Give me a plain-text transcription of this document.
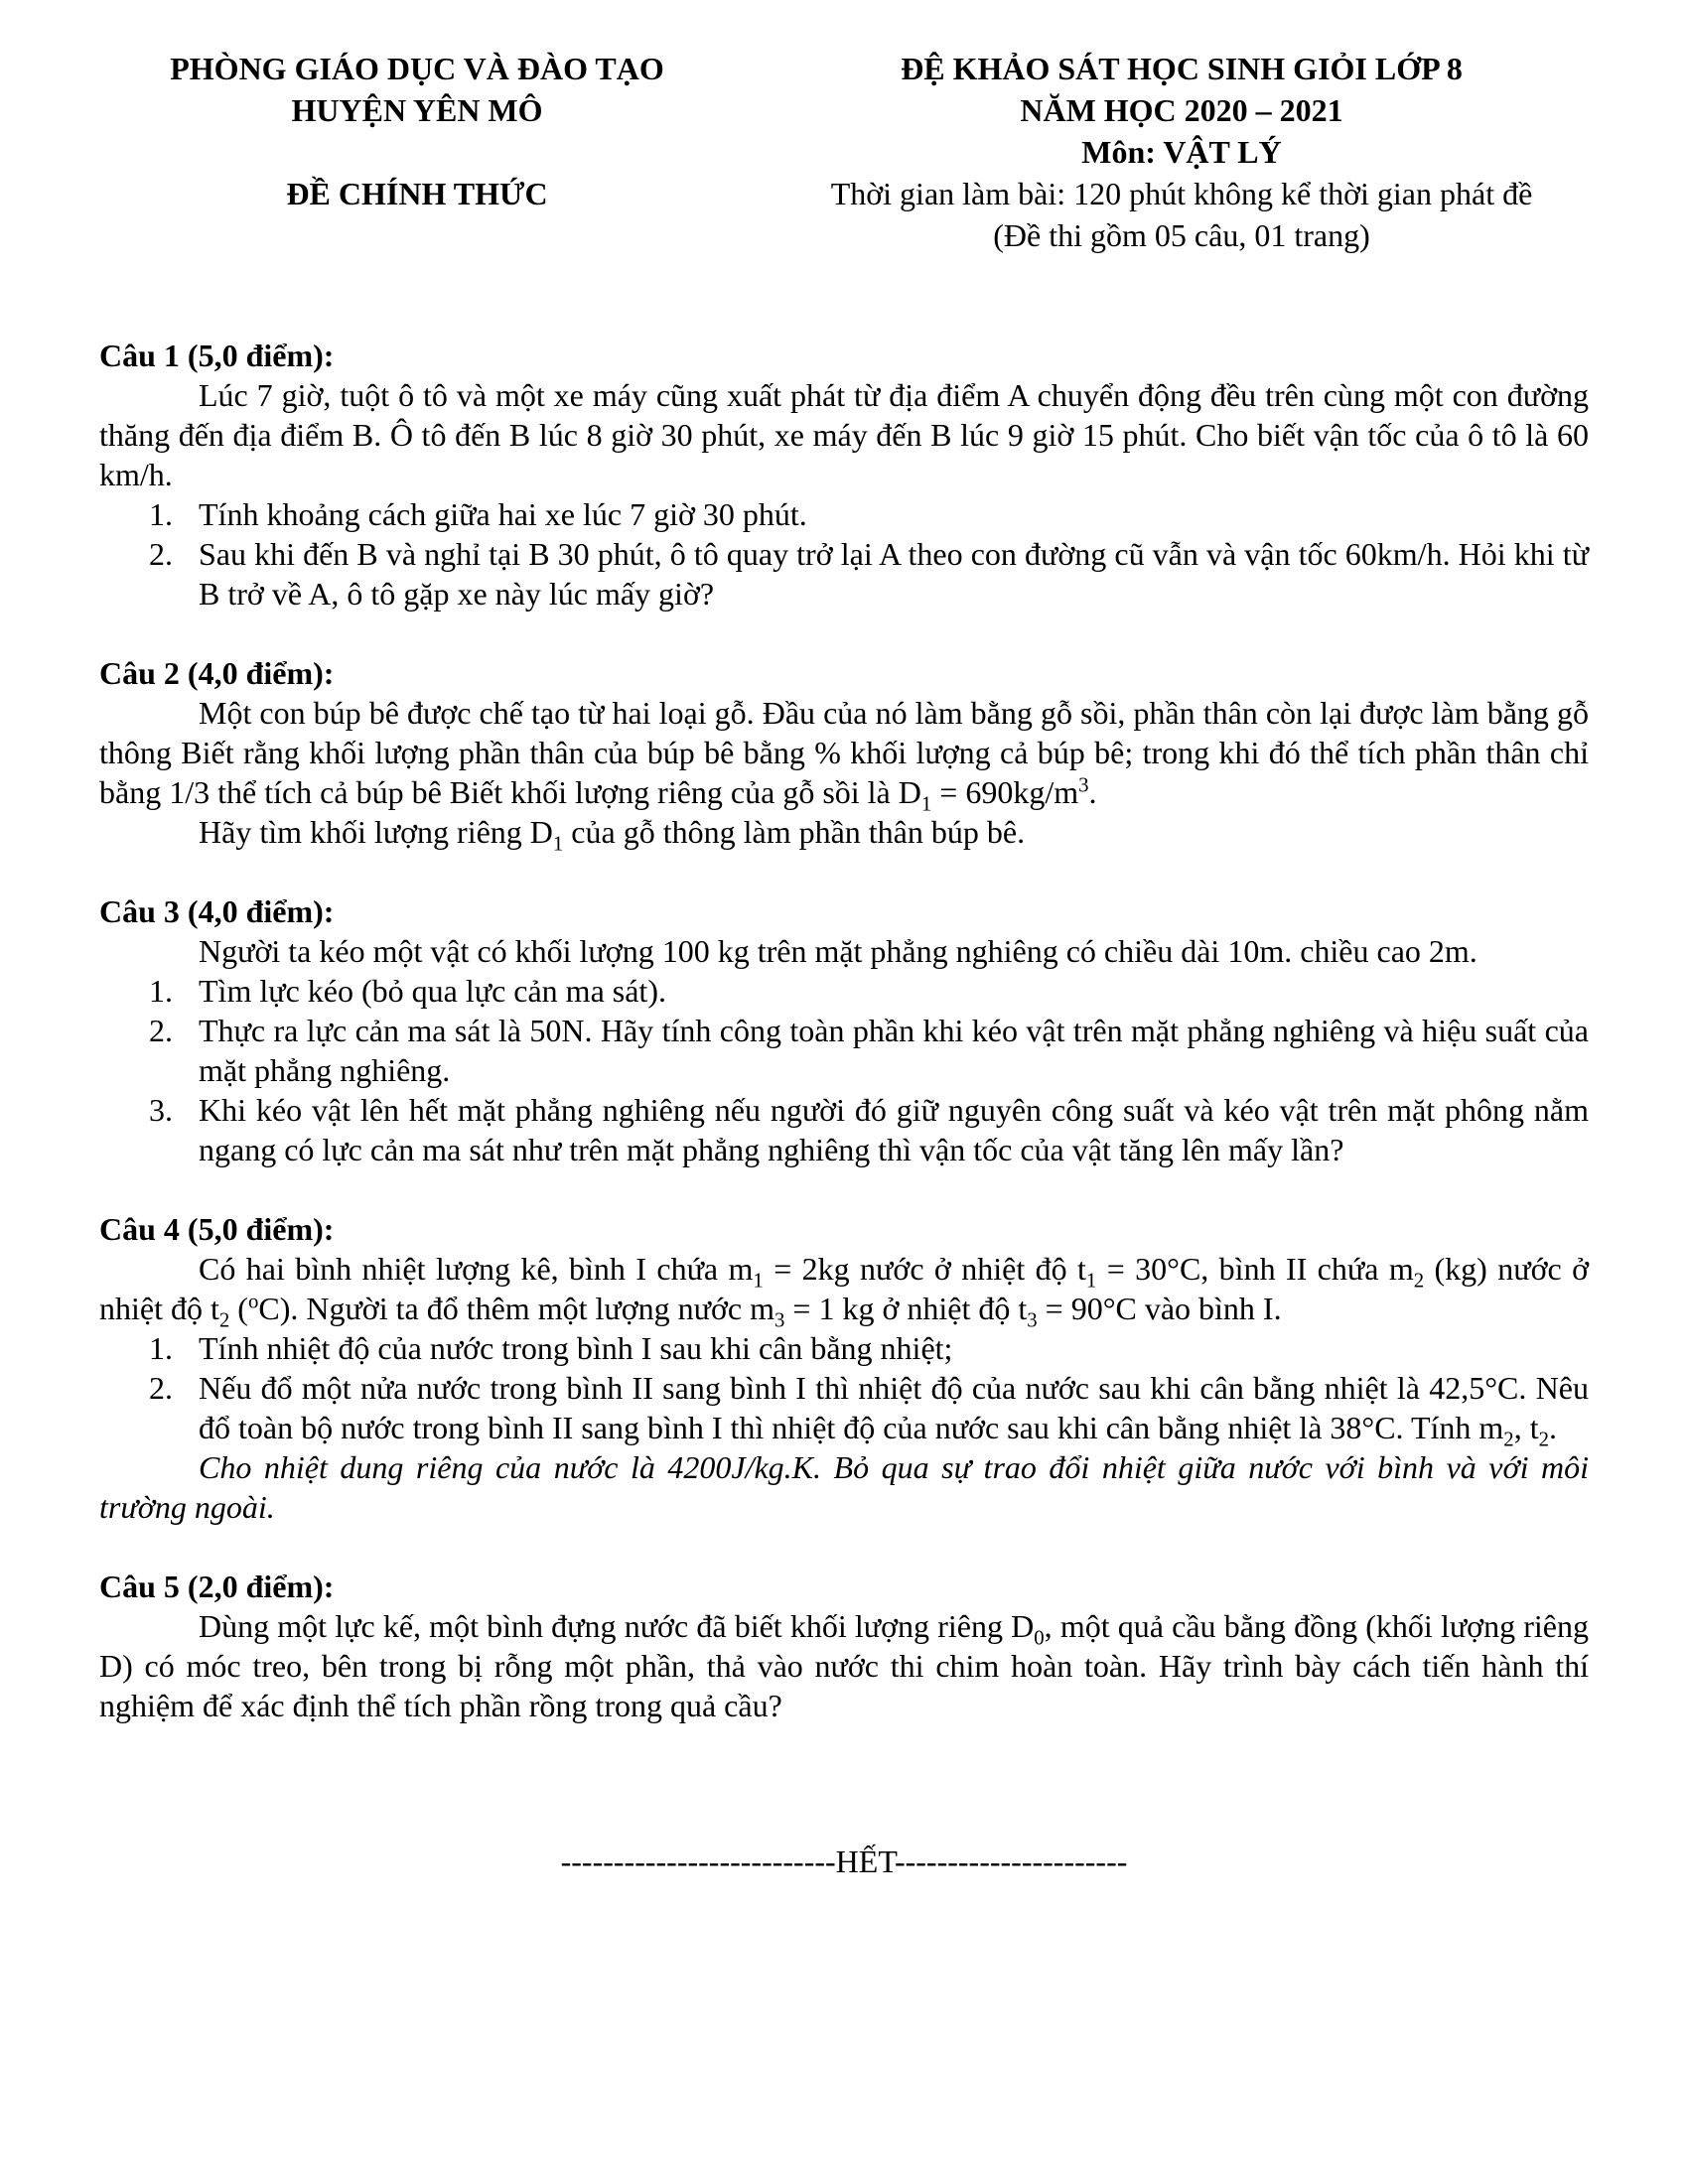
PHÒNG GIÁO DỤC VÀ ĐÀO TẠO
HUYỆN YÊN MÔ
ĐỀ CHÍNH THỨC
ĐỆ KHẢO SÁT HỌC SINH GIỎI LỚP 8
NĂM HỌC 2020 – 2021
Môn: VẬT LÝ
Thời gian làm bài: 120 phút không kể thời gian phát đề
(Đề thi gồm 05 câu, 01 trang)
Câu 1 (5,0 điểm):

Lúc 7 giờ, tuột ô tô và một xe máy cũng xuất phát từ địa điểm A chuyển động đều trên cùng một con đường thăng đến địa điểm B. Ô tô đến B lúc 8 giờ 30 phút, xe máy đến B lúc 9 giờ 15 phút. Cho biết vận tốc của ô tô là 60 km/h.

1. Tính khoảng cách giữa hai xe lúc 7 giờ 30 phút.
2. Sau khi đến B và nghỉ tại B 30 phút, ô tô quay trở lại A theo con đường cũ vẫn và vận tốc 60km/h. Hỏi khi từ B trở về A, ô tô gặp xe này lúc mấy giờ?
Câu 2 (4,0 điểm):

Một con búp bê được chế tạo từ hai loại gỗ. Đầu của nó làm bằng gỗ sồi, phần thân còn lại được làm bằng gỗ thông Biết rằng khối lượng phần thân của búp bê bằng % khối lượng cả búp bê; trong khi đó thể tích phần thân chỉ bằng 1/3 thể tích cả búp bê Biết khối lượng riêng của gỗ sồi là $D_1 = 690kg/m^3$.

Hãy tìm khối lượng riêng $D_1$ của gỗ thông làm phần thân búp bê.

Câu 3 (4,0 điểm):

Người ta kéo một vật có khối lượng 100 kg trên mặt phẳng nghiêng có chiều dài 10m. chiều cao 2m.

1. Tìm lực kéo (bỏ qua lực cản ma sát).
2. Thực ra lực cản ma sát là 50N. Hãy tính công toàn phần khi kéo vật trên mặt phẳng nghiêng và hiệu suất của mặt phẳng nghiêng.
3. Khi kéo vật lên hết mặt phẳng nghiêng nếu người đó giữ nguyên công suất và kéo vật trên mặt phông nằm ngang có lực cản ma sát như trên mặt phẳng nghiêng thì vận tốc của vật tăng lên mấy lần?
Câu 4 (5,0 điểm):

Có hai bình nhiệt lượng kê, bình I chứa $m_1 = 2kg$ nước ở nhiệt độ $t_1 = 30^\circ C$, bình II chứa $m_2$ (kg) nước ở nhiệt độ $t_2$ ($^o$C). Người ta đổ thêm một lượng nước $m_3 = 1$ kg ở nhiệt độ $t_3 = 90^\circ C$ vào bình I.

1. Tính nhiệt độ của nước trong bình I sau khi cân bằng nhiệt;
2. Nếu đổ một nửa nước trong bình II sang bình I thì nhiệt độ của nước sau khi cân bằng nhiệt là 42,5°C. Nêu đổ toàn bộ nước trong bình II sang bình I thì nhiệt độ của nước sau khi cân bằng nhiệt là 38°C. Tính $m_2$, $t_2$.

Cho nhiệt dung riêng của nước là 4200J/kg.K. Bỏ qua sự trao đổi nhiệt giữa nước với bình và với môi trường ngoài.

Câu 5 (2,0 điểm):

Dùng một lực kế, một bình đựng nước đã biết khối lượng riêng $D_0$, một quả cầu bằng đồng (khối lượng riêng D) có móc treo, bên trong bị rỗng một phần, thả vào nước thi chim hoàn toàn. Hãy trình bày cách tiến hành thí nghiệm để xác định thể tích phần rồng trong quả cầu?

--------------------------HẾT----------------------
